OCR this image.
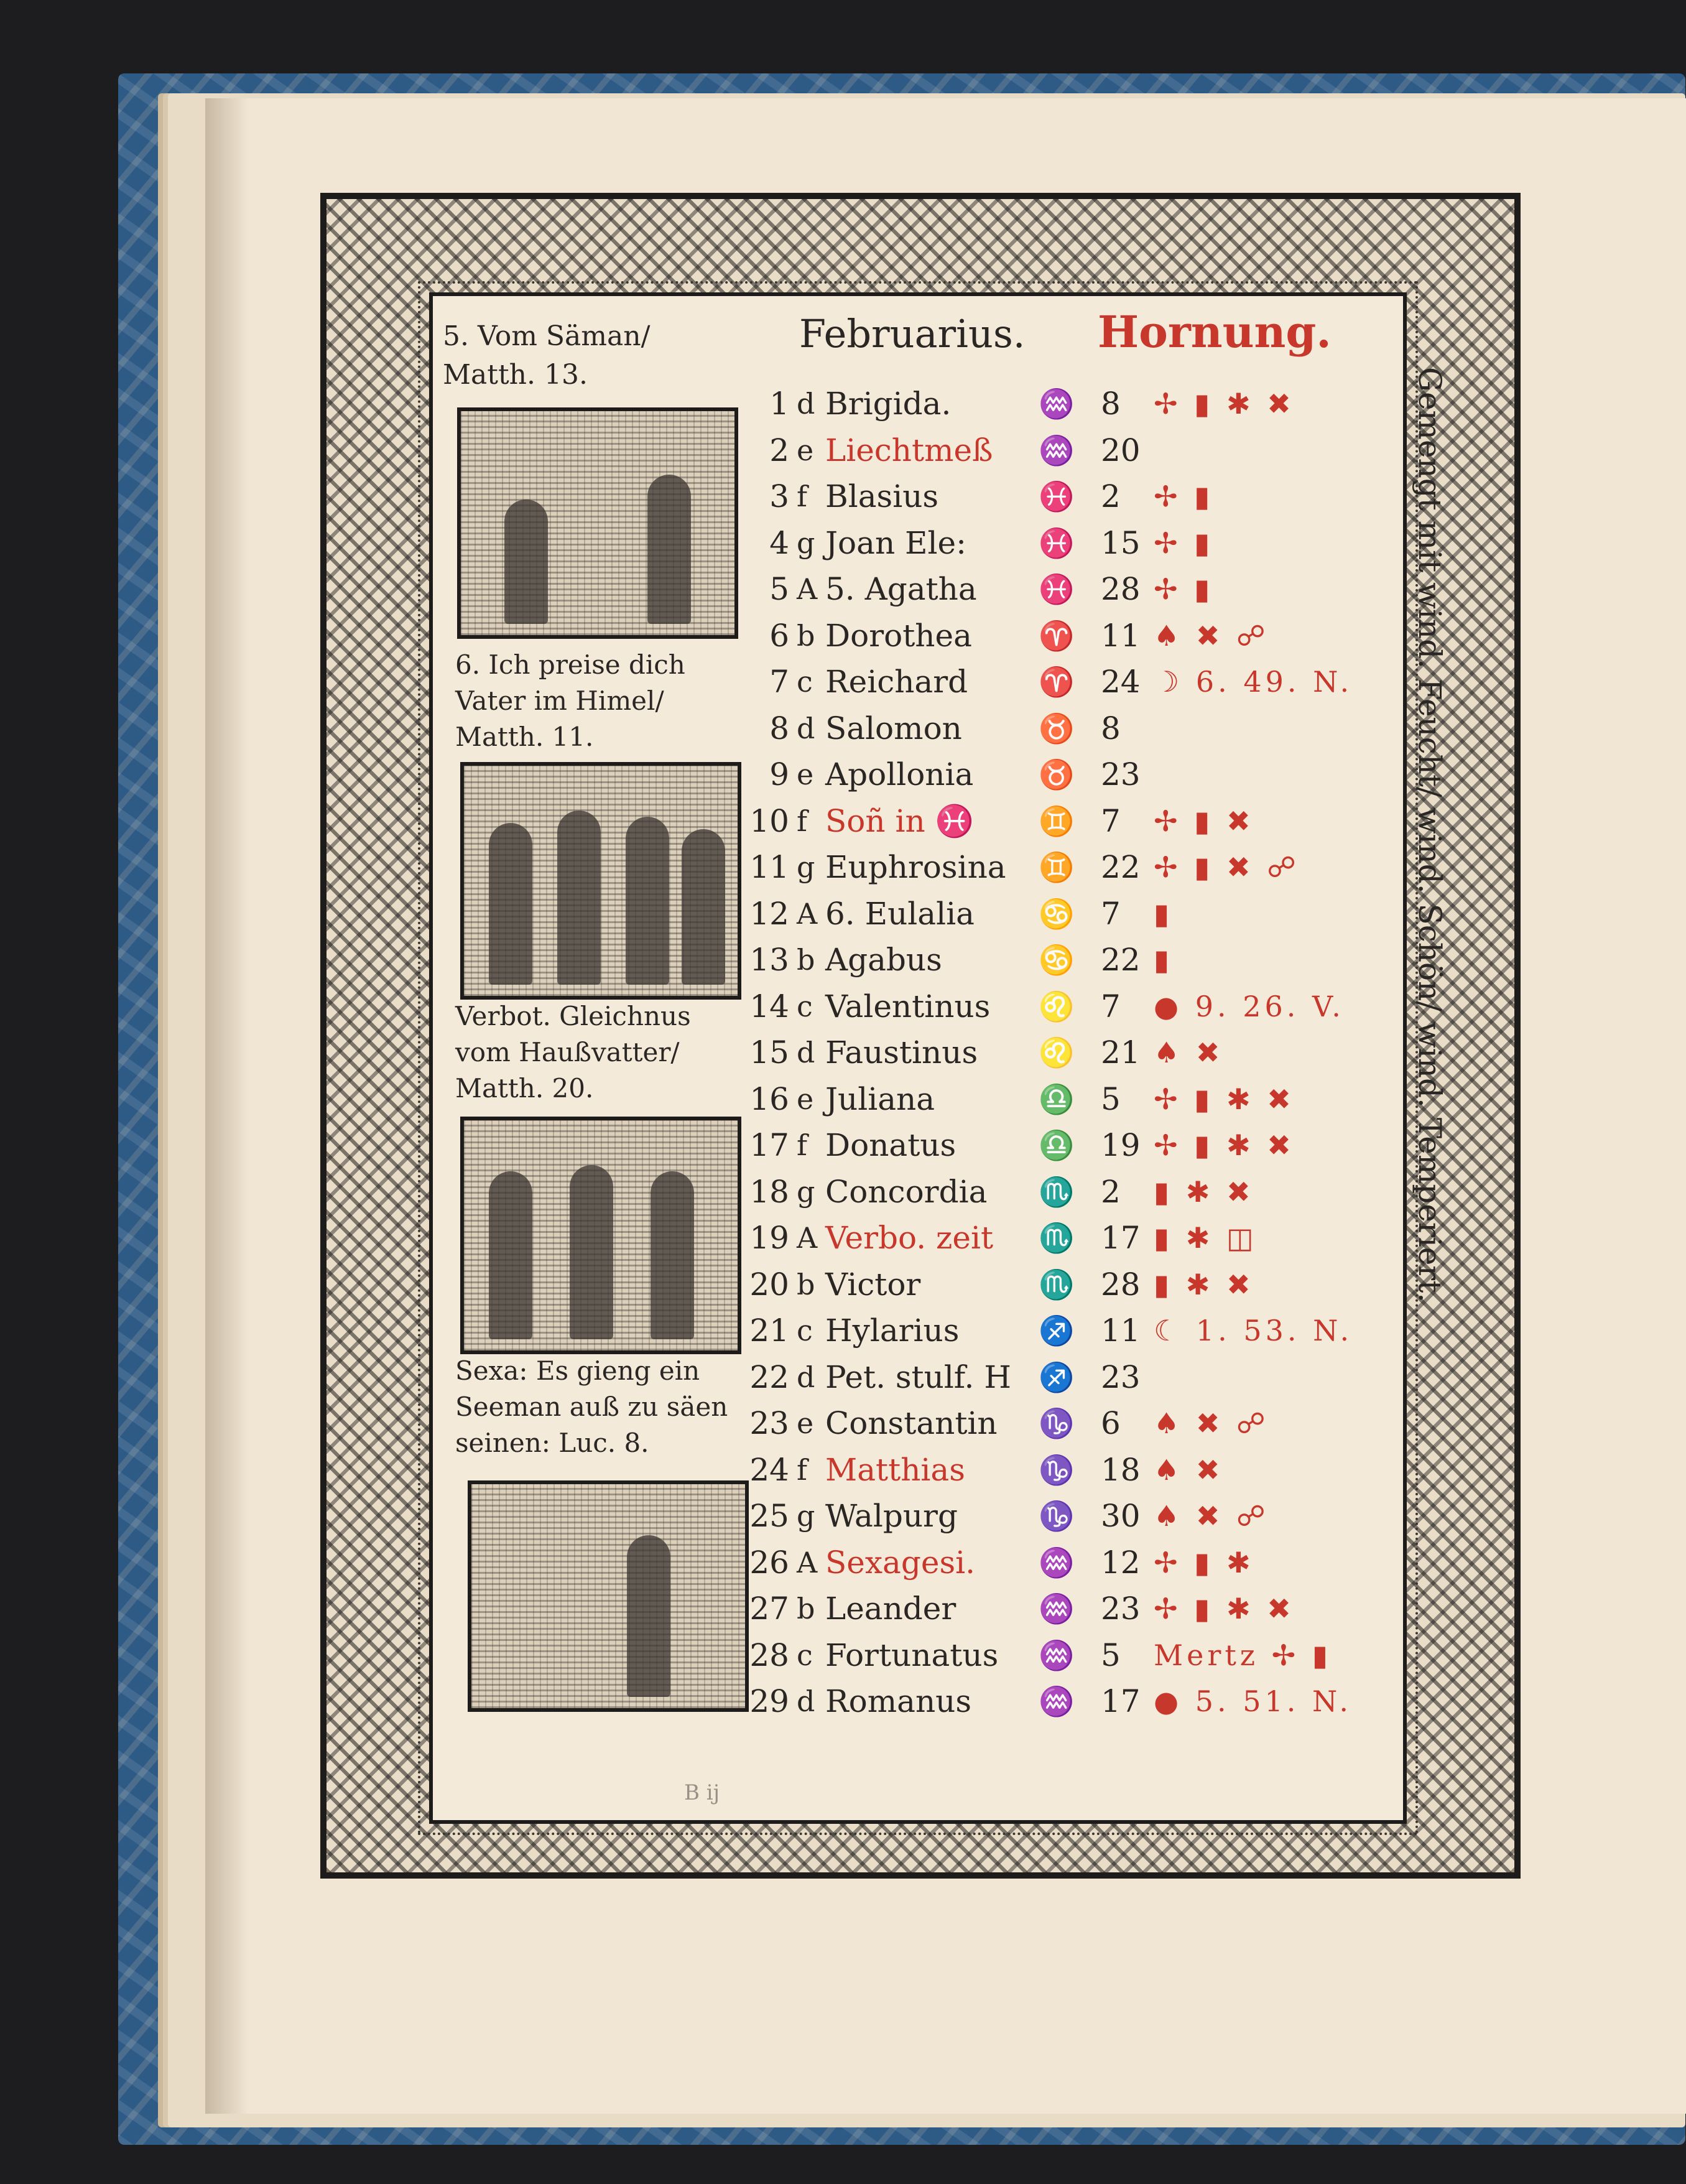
5. Vom Säman/ Matth. 13.
Februarius. Hornung.
6. Ich preise dich Vater im Himel/ Matth. 11.
Verbot. Gleichnus vom Haußvatter/ Matth. 20.
Sexa: Es gieng ein Seeman auß zu säen seinen: Luc. 8.
1 d Brigida.	♒ 8 ✢ ▮ ✱ ✖
2 e Liechtmeß ♒ 20
3 f Blasius	♓ 2 ✢ ▮
4 g Joan Ele:	♓ 15 ✢ ▮
5 A 5. Agatha ♓ 28 ✢ ▮
6 b Dorothea ♈ 11 ♠ ✖ ☍
7 c Reichard ♈ 24 ☽ 6. 49. N.
8 d Salomon	♉ 8
9 e Apollonia ♉ 23
10 f Soñ in ♓ ♊ 7 ✢ ▮ ✖
11 g Euphrosina ♊ 22 ✢ ▮ ✖ ☍
12 A 6. Eulalia ♋ 7 ▮
13 b Agabus	♋ 22 ▮
14 c Valentinus ♌ 7 ● 9. 26. V.
15 d Faustinus ♌ 21 ♠ ✖
16 e Juliana	♎ 5 ✢ ▮ ✱ ✖
17 f Donatus	♎ 19 ✢ ▮ ✱ ✖
18 g Concordia ♏ 2 ▮ ✱ ✖
19 A Verbo. zeit ♏ 17 ▮ ✱ ◫
20 b Victor	♏ 28 ▮ ✱ ✖
21 c Hylarius	♐ 11 ☾ 1. 53. N.
22 d Pet. stulf. H ♐ 23
23 e Constantin ♑ 6 ♠ ✖ ☍
24 f Matthias	♑ 18 ♠ ✖
25 g Walpurg	♑ 30 ♠ ✖ ☍
26 A Sexagesi. ♒ 12 ✢ ▮ ✱
27 b Leander	♒ 23 ✢ ▮ ✱ ✖
28 c Fortunatus ♒ 5 Mertz ✢ ▮
29 d Romanus ♒ 17 ● 5. 51. N.
Gemengt mit wind. Feucht/ wind. Schön/ wind. Temperiert.
B ij
